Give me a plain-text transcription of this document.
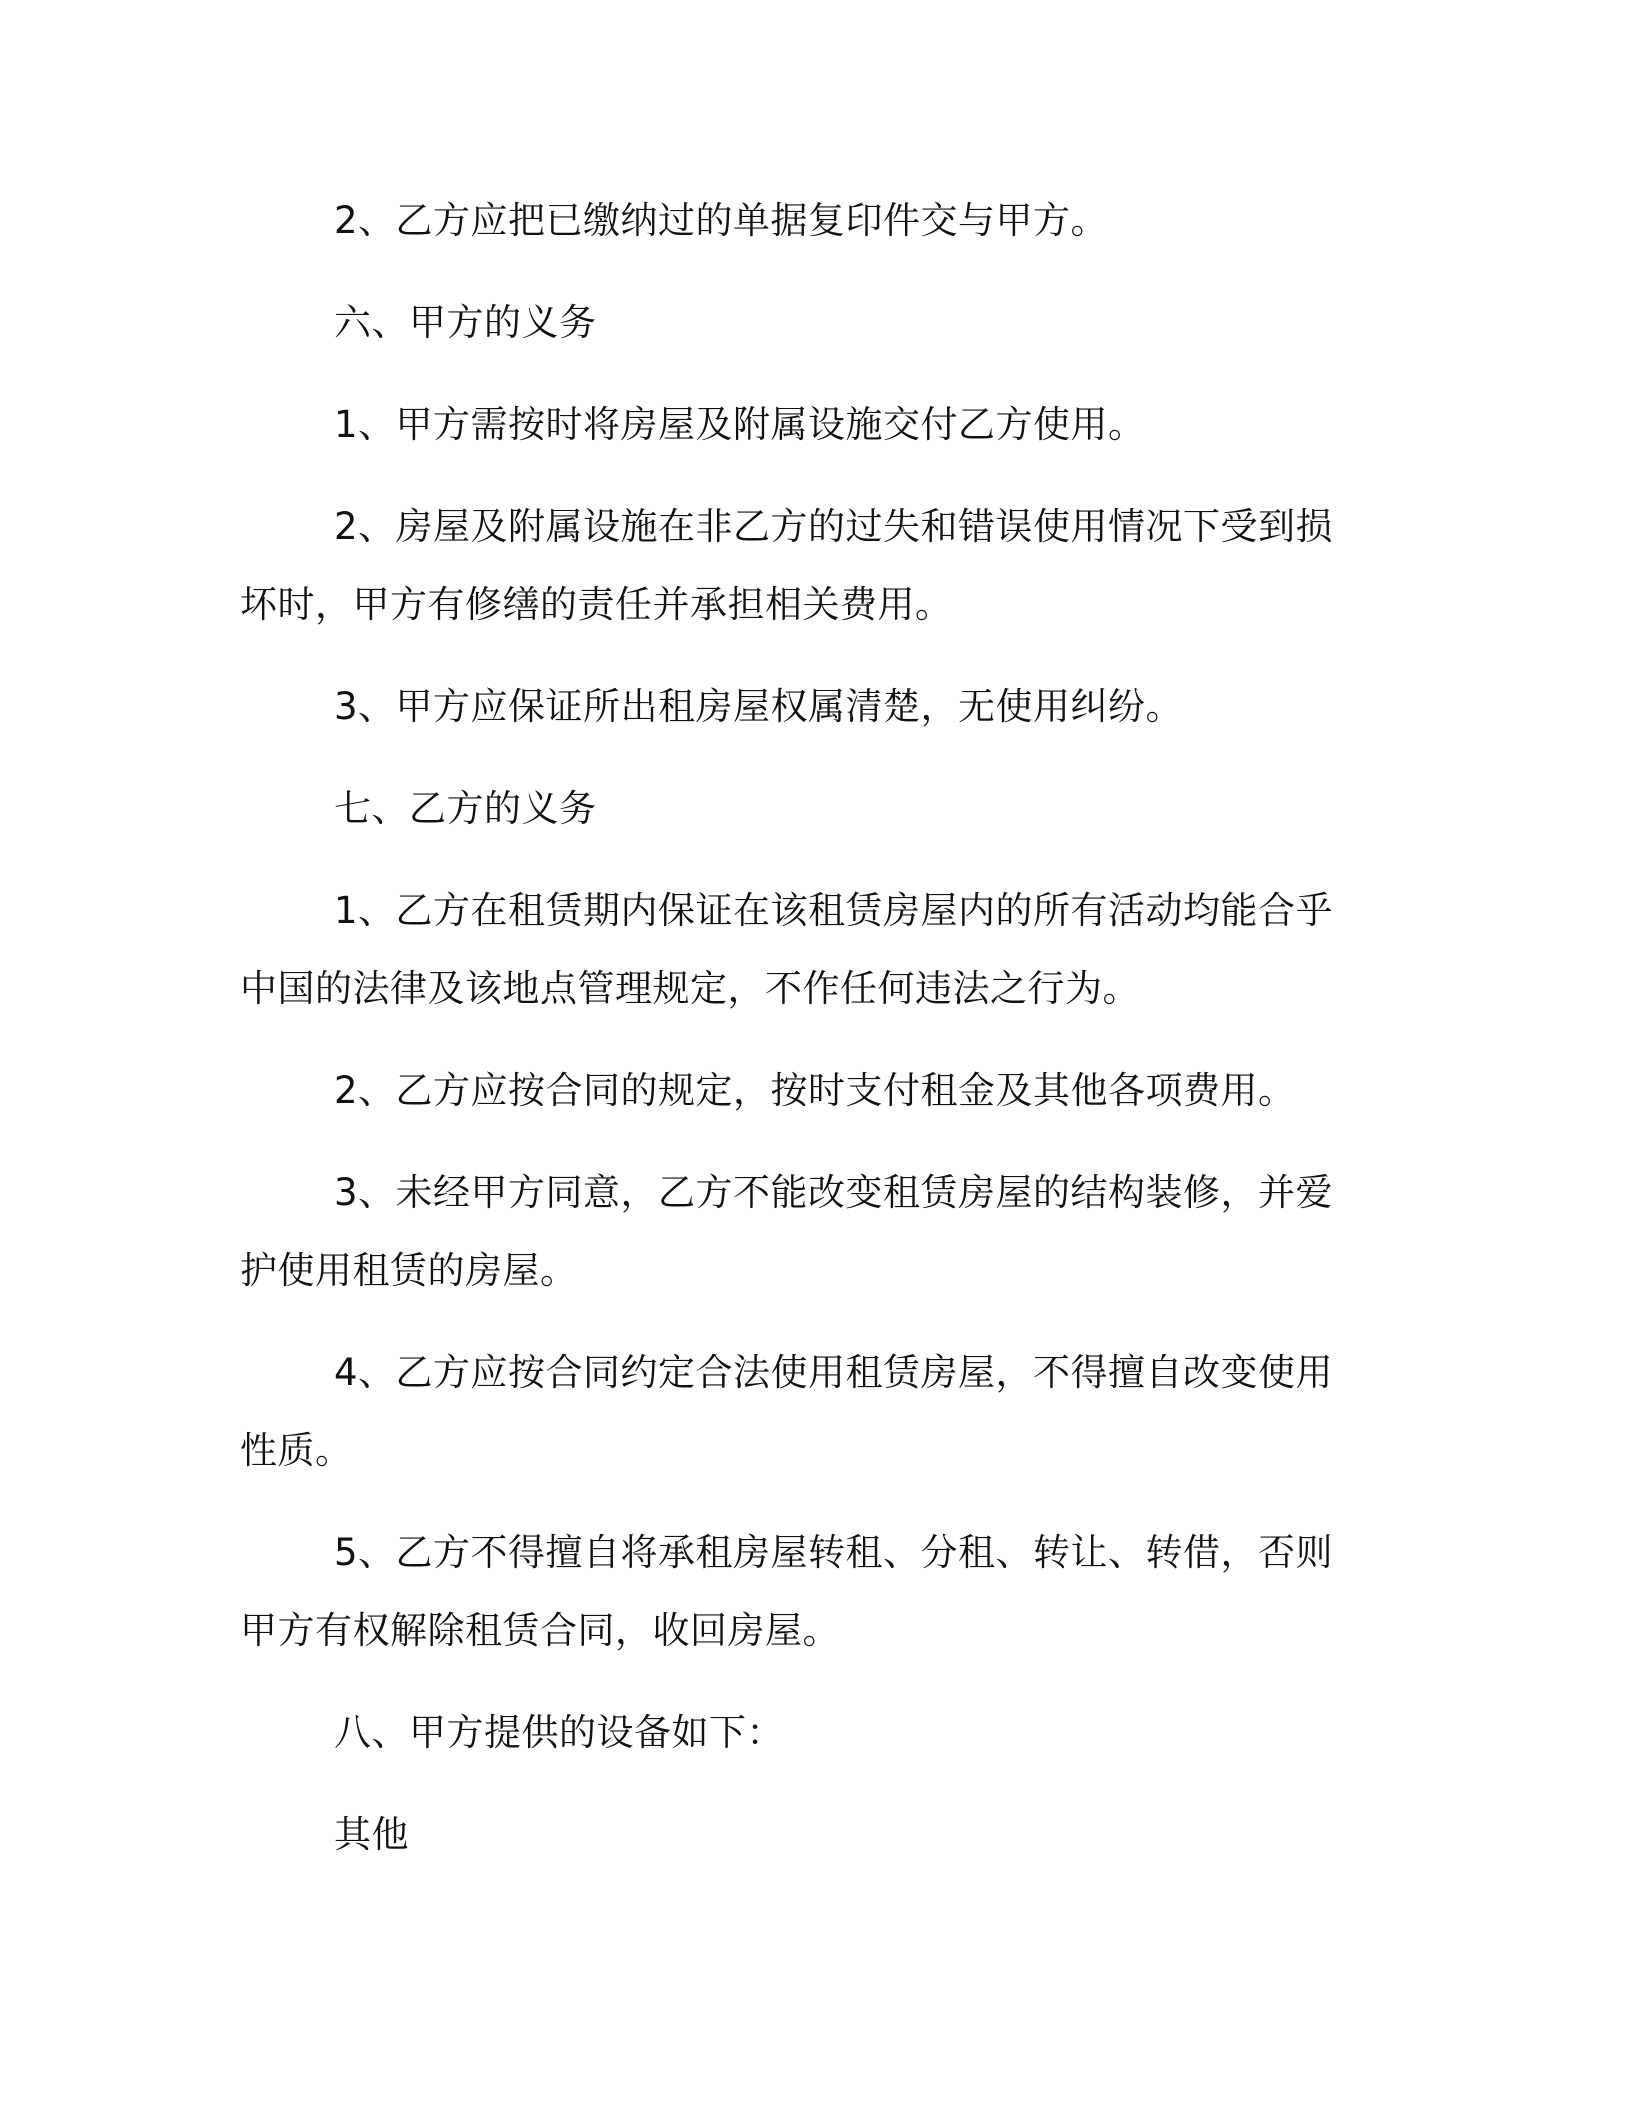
2、乙方应把已缴纳过的单据复印件交与甲方。

六、甲方的义务

1、甲方需按时将房屋及附属设施交付乙方使用。

2、房屋及附属设施在非乙方的过失和错误使用情况下受到损坏时，甲方有修缮的责任并承担相关费用。

3、甲方应保证所出租房屋权属清楚，无使用纠纷。

七、乙方的义务

1、乙方在租赁期内保证在该租赁房屋内的所有活动均能合乎中国的法律及该地点管理规定，不作任何违法之行为。

2、乙方应按合同的规定，按时支付租金及其他各项费用。

3、未经甲方同意，乙方不能改变租赁房屋的结构装修，并爱护使用租赁的房屋。

4、乙方应按合同约定合法使用租赁房屋，不得擅自改变使用性质。

5、乙方不得擅自将承租房屋转租、分租、转让、转借，否则甲方有权解除租赁合同，收回房屋。

八、甲方提供的设备如下：

其他
